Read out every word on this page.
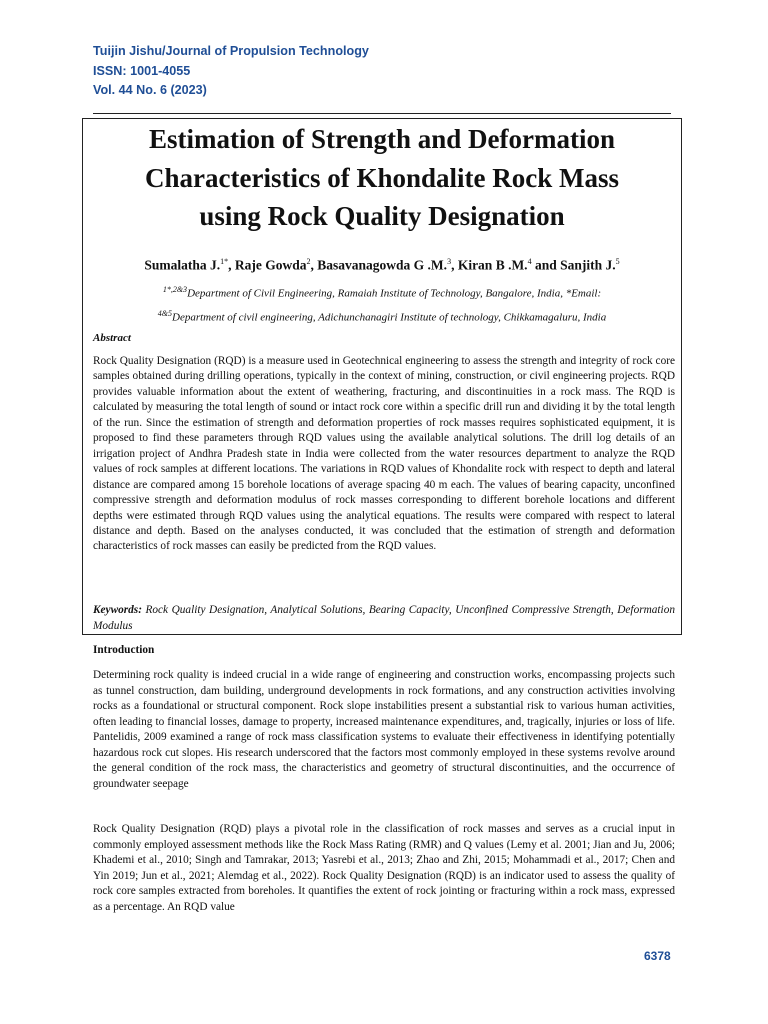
Tuijin Jishu/Journal of Propulsion Technology
ISSN: 1001-4055
Vol. 44 No. 6 (2023)
Estimation of Strength and Deformation
Characteristics of Khondalite Rock Mass
using Rock Quality Designation
Sumalatha J.$^{1*}$, Raje Gowda$^2$, Basavanagowda G .M.$^3$, Kiran B .M.$^4$ and Sanjith J.$^5$
$^{1*,2\&3}$Department of Civil Engineering, Ramaiah Institute of Technology, Bangalore, India, *Email:
$^{4\&5}$Department of civil engineering, Adichunchanagiri Institute of technology, Chikkamagaluru, India
Abstract

Rock Quality Designation (RQD) is a measure used in Geotechnical engineering to assess the strength and integrity of rock core samples obtained during drilling operations, typically in the context of mining, construction, or civil engineering projects. RQD provides valuable information about the extent of weathering, fracturing, and discontinuities in a rock mass. The RQD is calculated by measuring the total length of sound or intact rock core within a specific drill run and dividing it by the total length of the run. Since the estimation of strength and deformation properties of rock masses requires sophisticated equipment, it is proposed to find these parameters through RQD values using the available analytical solutions. The drill log details of an irrigation project of Andhra Pradesh state in India were collected from the water resources department to analyze the RQD values of rock samples at different locations. The variations in RQD values of Khondalite rock with respect to depth and lateral distance are compared among 15 borehole locations of average spacing 40 m each. The values of bearing capacity, unconfined compressive strength and deformation modulus of rock masses corresponding to different borehole locations and different depths were estimated through RQD values using the analytical equations. The results were compared with respect to lateral distance and depth. Based on the analyses conducted, it was concluded that the estimation of strength and deformation characteristics of rock masses can easily be predicted from the RQD values.

Keywords: Rock Quality Designation, Analytical Solutions, Bearing Capacity, Unconfined Compressive Strength, Deformation Modulus

Introduction

Determining rock quality is indeed crucial in a wide range of engineering and construction works, encompassing projects such as tunnel construction, dam building, underground developments in rock formations, and any construction activities involving rocks as a foundational or structural component. Rock slope instabilities present a substantial risk to various human activities, often leading to financial losses, damage to property, increased maintenance expenditures, and, tragically, injuries or loss of life. Pantelidis, 2009 examined a range of rock mass classification systems to evaluate their effectiveness in identifying potentially hazardous rock cut slopes. His research underscored that the factors most commonly employed in these systems revolve around the general condition of the rock mass, the characteristics and geometry of structural discontinuities, and the occurrence of groundwater seepage

Rock Quality Designation (RQD) plays a pivotal role in the classification of rock masses and serves as a crucial input in commonly employed assessment methods like the Rock Mass Rating (RMR) and Q values (Lemy et al. 2001; Jian and Ju, 2006; Khademi et al., 2010; Singh and Tamrakar, 2013; Yasrebi et al., 2013; Zhao and Zhi, 2015; Mohammadi et al., 2017; Chen and Yin 2019; Jun et al., 2021; Alemdag et al., 2022). Rock Quality Designation (RQD) is an indicator used to assess the quality of rock core samples extracted from boreholes. It quantifies the extent of rock jointing or fracturing within a rock mass, expressed as a percentage. An RQD value

6378
